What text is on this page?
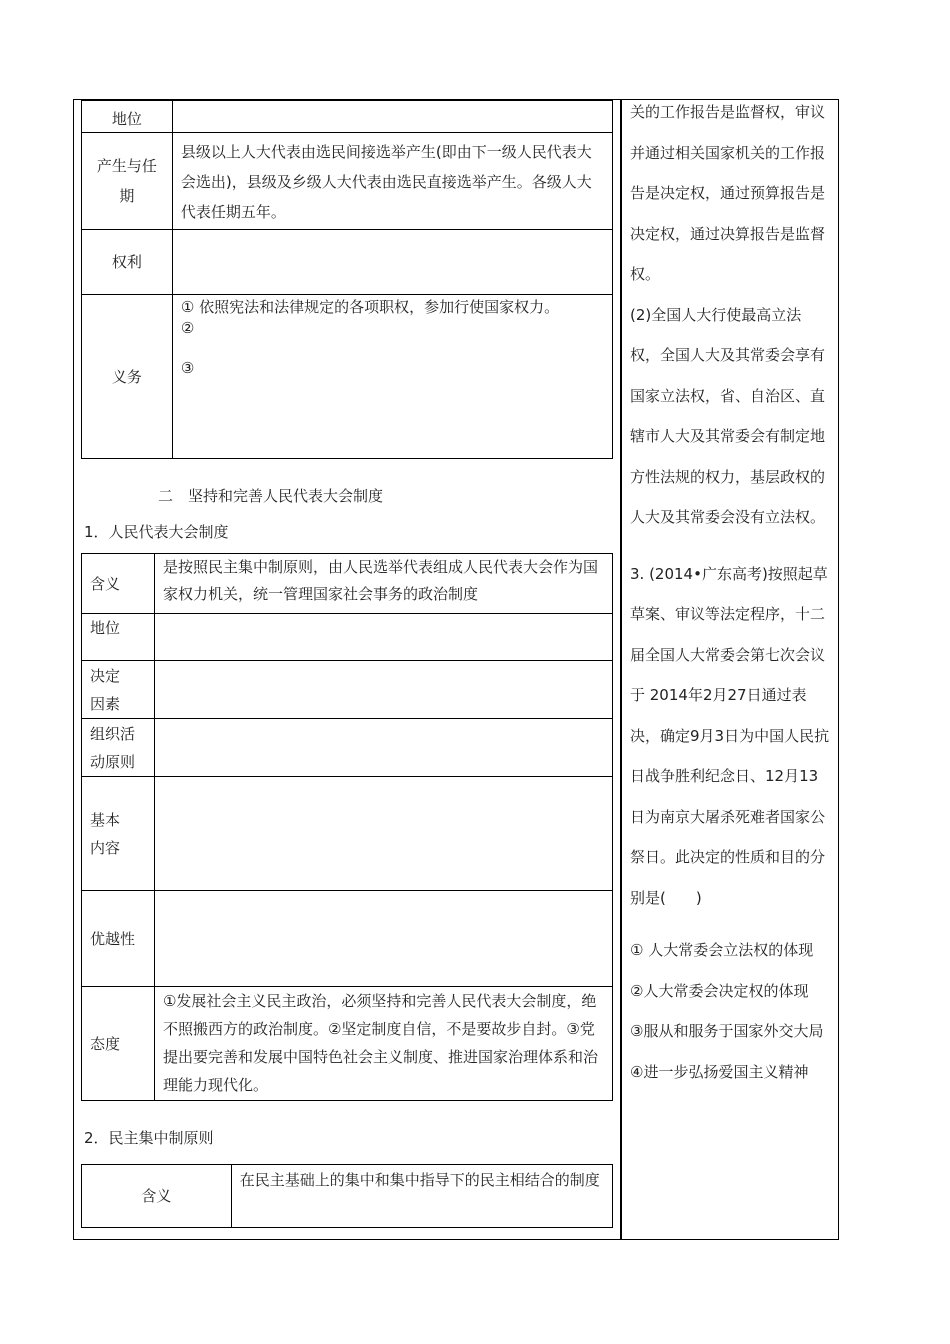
地位	

产生与任期	县级以上人大代表由选民间接选举产生(即由下一级人民代表大会选出)，县级及乡级人大代表由选民直接选举产生。各级人大代表任期五年。
权利	
义务	① 依照宪法和法律规定的各项职权，参加行使国家权力。
②
③
二　坚持和完善人民代表大会制度
1．人民代表大会制度
含义	是按照民主集中制原则，由人民选举代表组成人民代表大会作为国家权力机关，统一管理国家社会事务的政治制度
地位	

决定因素	

组织活动原则	

基本内容	

优越性	
态度	①发展社会主义民主政治，必须坚持和完善人民代表大会制度，绝不照搬西方的政治制度。②坚定制度自信，不是要故步自封。③党提出要完善和发展中国特色社会主义制度、推进国家治理体系和治理能力现代化。
2．民主集中制原则
含义	在民主基础上的集中和集中指导下的民主相结合的制度

关的工作报告是监督权，审议并通过相关国家机关的工作报告是决定权，通过预算报告是决定权，通过决算报告是监督权。

(2)全国人大行使最高立法权，全国人大及其常委会享有国家立法权，省、自治区、直辖市人大及其常委会有制定地方性法规的权力，基层政权的人大及其常委会没有立法权。

3. (2014•广东高考)按照起草草案、审议等法定程序，十二届全国人大常委会第七次会议于 2014年2月27日通过表决，确定9月3日为中国人民抗日战争胜利纪念日、12月13日为南京大屠杀死难者国家公祭日。此决定的性质和目的分别是(　　)

① 人大常委会立法权的体现　②人大常委会决定权的体现　③服从和服务于国家外交大局　④进一步弘扬爱国主义精神
